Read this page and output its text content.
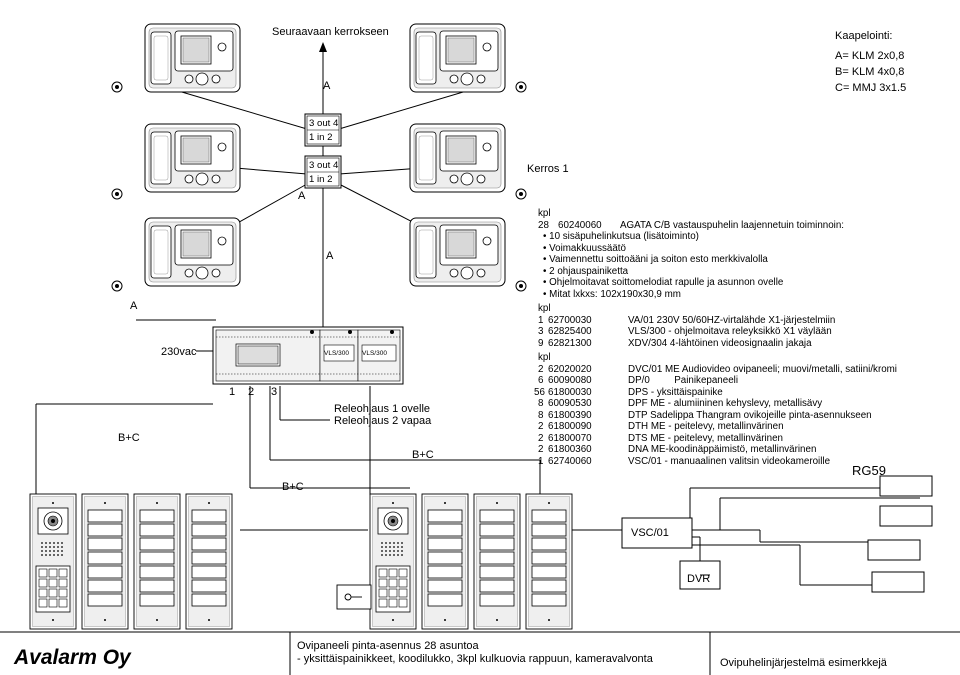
Seuraavaan kerrokseen
A
A
A
A
Kerros 1
Kaapelointi:
A= KLM 2x0,8
B= KLM 4x0,8
C= MMJ 3x1.5
3 out 4
1 in 2
3 out 4
1 in 2
VLS/300 VLS/300
230vac
1 2 3
Releohjaus 1 ovelle
Releohjaus 2 vapaa
B+C
B+C
B+C
RG59
VSC/01
DVR
kpl
28 60240060	AGATA C/B vastauspuhelin laajennetuin toiminnoin:
• 10 sisäpuhelinkutsua (lisätoiminto)
• Voimakkuussäätö
• Vaimennettu soittoääni ja soiton esto merkkivalolla
• 2 ohjauspainiketta
• Ohjelmoitavat soittomelodiat rapulle ja asunnon ovelle
• Mitat lxkxs: 102x190x30,9 mm
kpl
1 62700030	VA/01 230V 50/60HZ-virtalähde X1-järjestelmiin
3 62825400	VLS/300 - ohjelmoitava releyksikkö X1 väylään
9 62821300	XDV/304 4-lähtöinen videosignaalin jakaja
kpl
2 62020020	DVC/01 ME Audiovideo ovipaneeli; muovi/metalli, satiini/kromi
6 60090080	DP/0         Painikepaneeli
56 61800030	DPS - yksittäispainike
8 60090530	DPF ME - alumiininen kehyslevy, metallisävy
8 61800390	DTP Sadelippa Thangram ovikojeille pinta-asennukseen
2 61800090	DTH ME - peitelevy, metallinvärinen
2 61800070	DTS ME - peitelevy, metallinvärinen
2 61800360	DNA ME-koodinäppäimistö, metallinvärinen
1 62740060	VSC/01 - manuaalinen valitsin videokameroille
Avalarm Oy	Ovipaneeli pinta-asennus 28 asuntoa
- yksittäispainikkeet, koodilukko, 3kpl kulkuovia rappuun, kameravalvonta	Ovipuhelinjärjestelmä esimerkkejä
